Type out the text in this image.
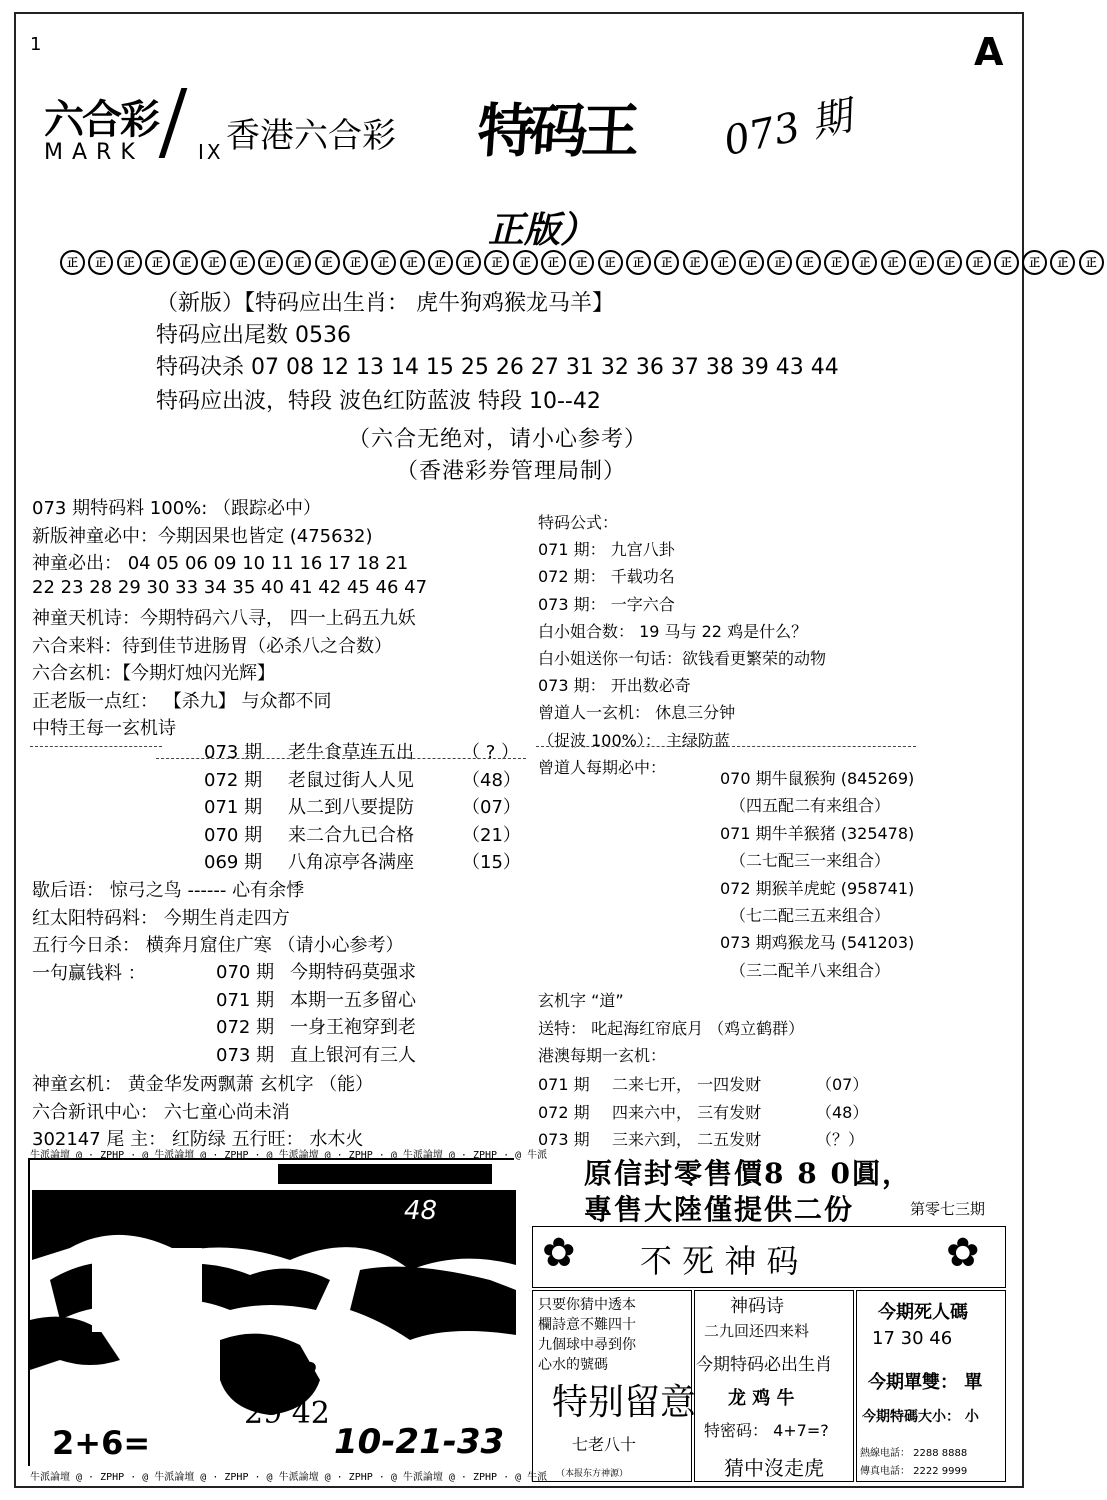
1	A
六合彩
MARK	IX 香港六合彩 特码王 073 期
正版）
正	正	正	正	正	正	正	正	正	正	正	正	正	正	正	正	正	正	正	正	正	正	正	正	正	正	正	正	正	正	正	正	正	正	正	正	正
（新版）【特码应出生肖： 虎牛狗鸡猴龙马羊】
特码应出尾数 0536
特码决杀 07 08 12 13 14 15 25 26 27 31 32 36 37 38 39 43 44
特码应出波，特段 波色红防蓝波 特段 10--42
（六合无绝对，请小心参考）
（香港彩券管理局制）
073 期特码料 100%: （跟踪必中）
新版神童必中：今期因果也皆定 (475632)
神童必出： 04 05 06 09 10 11 16 17 18 21
22 23 28 29 30 33 34 35 40 41 42 45 46 47
神童天机诗：今期特码六八寻， 四一上码五九妖
六合来料：待到佳节进肠胃（必杀八之合数）
六合玄机：【今期灯烛闪光辉】
正老版一点红： 【杀九】 与众都不同
中特王每一玄机诗
073 期 老牛食草连五出	（ ? ）
072 期 老鼠过街人人见	（48）
071 期 从二到八要提防	（07）
070 期 来二合九已合格	（21）
069 期 八角凉亭各满座	（15）
歇后语： 惊弓之鸟 ------ 心有余悸
红太阳特码料： 今期生肖走四方
五行今日杀： 横奔月窟住广寒 （请小心参考）
一句赢钱料 ：	070 期 今期特码莫强求
071 期 本期一五多留心
072 期 一身王袍穿到老
073 期 直上银河有三人
神童玄机： 黄金华发两飘萧 玄机字 （能）
六合新讯中心： 六七童心尚未消
302147 尾 主： 红防绿 五行旺： 水木火
特码公式：
071 期： 九宫八卦
072 期： 千载功名
073 期： 一字六合
白小姐合数： 19 马与 22 鸡是什么？
白小姐送你一句话：欲钱看更繁荣的动物
073 期： 开出数必奇
曾道人一玄机： 休息三分钟
（捉波 100%）： 主绿防蓝
曾道人每期必中：
070 期牛鼠猴狗 (845269)
（四五配二有来组合）
071 期牛羊猴猪 (325478)
（二七配三一来组合）
072 期猴羊虎蛇 (958741)
（七二配三五来组合）
073 期鸡猴龙马 (541203)
（三二配羊八来组合）
玄机字 “道”
送特： 叱起海红帘底月 （鸡立鹤群）
港澳每期一玄机：
071 期 二来七开， 一四发财	（07）
072 期 四来六中， 三有发财	（48）
073 期 三来六到， 二五发财	（？）
牛派論壇 @ · ZPHP · @ 牛派論壇 @ · ZPHP · @ 牛派論壇 @ · ZPHP · @ 牛派論壇 @ · ZPHP · @ 牛派
牛派論壇 @ · ZPHP · @ 牛派論壇 @ · ZPHP · @ 牛派論壇 @ · ZPHP · @ 牛派論壇 @ · ZPHP · @ 牛派
12	48
02
29 42
2+6=	10-21-33
原信封零售價8 8 0圓，
專售大陸僅提供二份	第零七三期
✿	✿
不 死 神 码
只要你猜中透本
欄詩意不難四十
九個球中尋到你
心水的號碼
特别留意
七老八十
（本报东方神源）
神码诗
二九回还四来料
今期特码必出生肖
龙 鸡 牛
特密码： 4+7=?
猜中沒走虎
今期死人碼
17 30 46
今期單雙： 單
今期特碼大小： 小
熱線电話： 2288 8888
傳真电話： 2222 9999
